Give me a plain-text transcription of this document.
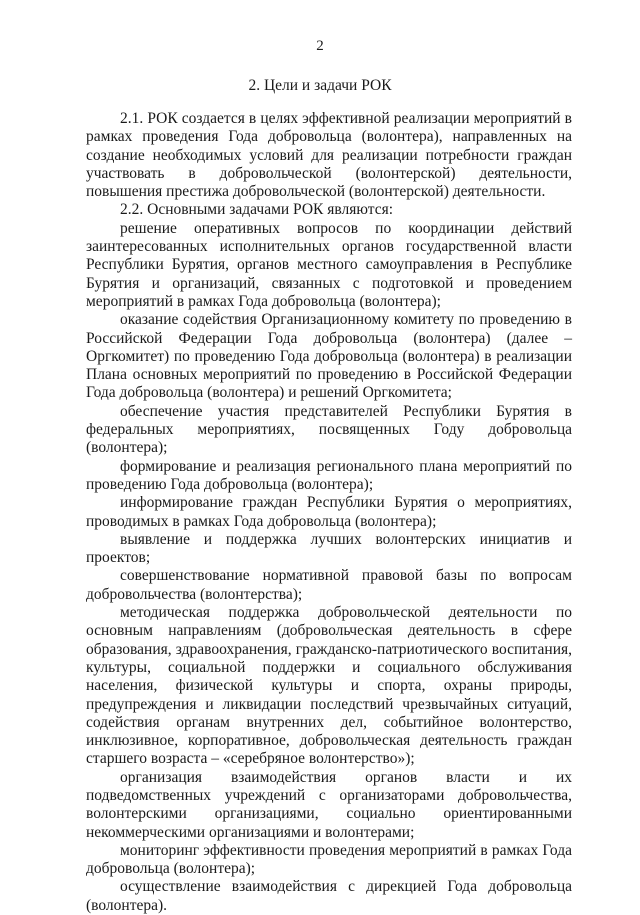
2
2. Цели и задачи РОК

2.1. РОК создается в целях эффективной реализации мероприятий в рамках проведения Года добровольца (волонтера), направленных на создание необходимых условий для реализации потребности граждан участвовать в добровольческой (волонтерской) деятельности, повышения престижа добровольческой (волонтерской) деятельности.

2.2. Основными задачами РОК являются:

решение оперативных вопросов по координации действий заинтересованных исполнительных органов государственной власти Республики Бурятия, органов местного самоуправления в Республике Бурятия и организаций, связанных с подготовкой и проведением мероприятий в рамках Года добровольца (волонтера);

оказание содействия Организационному комитету по проведению в Российской Федерации Года добровольца (волонтера) (далее – Оргкомитет) по проведению Года добровольца (волонтера) в реализации Плана основных мероприятий по проведению в Российской Федерации Года добровольца (волонтера) и решений Оргкомитета;

обеспечение участия представителей Республики Бурятия в федеральных мероприятиях, посвященных Году добровольца (волонтера);

формирование и реализация регионального плана мероприятий по проведению Года добровольца (волонтера);

информирование граждан Республики Бурятия о мероприятиях, проводимых в рамках Года добровольца (волонтера);

выявление и поддержка лучших волонтерских инициатив и проектов;

совершенствование нормативной правовой базы по вопросам добровольчества (волонтерства);

методическая поддержка добровольческой деятельности по основным направлениям (добровольческая деятельность в сфере образования, здравоохранения, гражданско-патриотического воспитания, культуры, социальной поддержки и социального обслуживания населения, физической культуры и спорта, охраны природы, предупреждения и ликвидации последствий чрезвычайных ситуаций, содействия органам внутренних дел, событийное волонтерство, инклюзивное, корпоративное, добровольческая деятельность граждан старшего возраста – «серебряное волонтерство»);

организация взаимодействия органов власти и их подведомственных учреждений с организаторами добровольчества, волонтерскими организациями, социально ориентированными некоммерческими организациями и волонтерами;

мониторинг эффективности проведения мероприятий в рамках Года добровольца (волонтера);

осуществление взаимодействия с дирекцией Года добровольца (волонтера).
